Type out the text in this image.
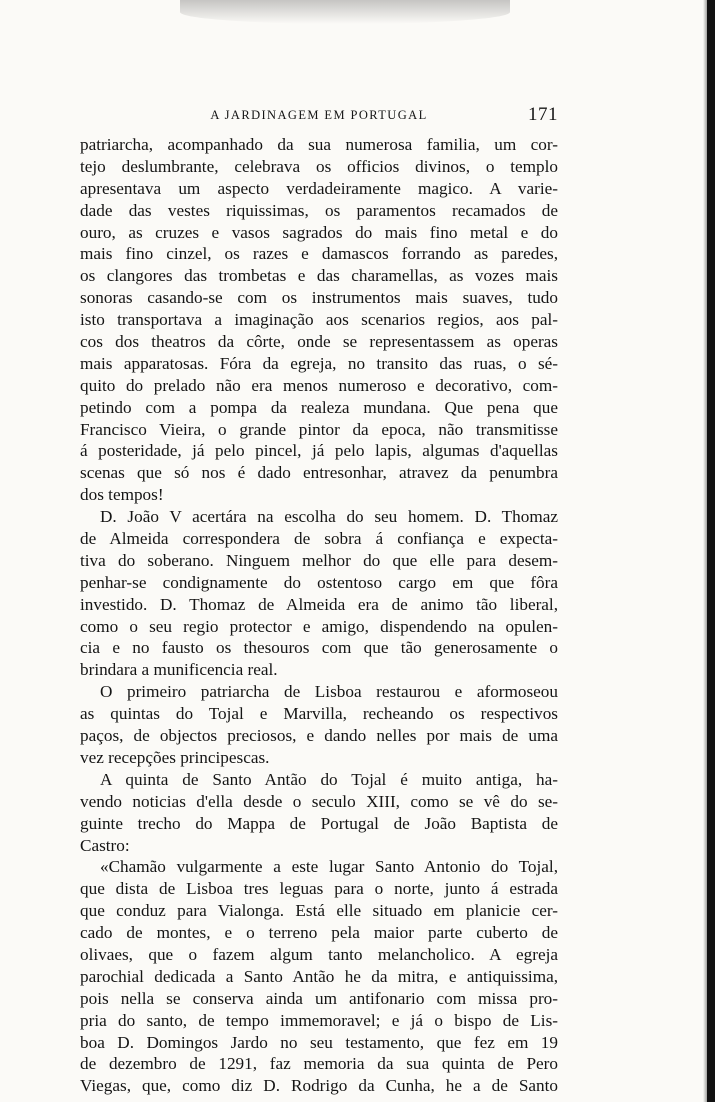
A JARDINAGEM EM PORTUGAL	171
patriarcha, acompanhado da sua numerosa familia, um cor-
tejo deslumbrante, celebrava os officios divinos, o templo
apresentava um aspecto verdadeiramente magico. A varie-
dade das vestes riquissimas, os paramentos recamados de
ouro, as cruzes e vasos sagrados do mais fino metal e do
mais fino cinzel, os razes e damascos forrando as paredes,
os clangores das trombetas e das charamellas, as vozes mais
sonoras casando-se com os instrumentos mais suaves, tudo
isto transportava a imaginação aos scenarios regios, aos pal-
cos dos theatros da côrte, onde se representassem as operas
mais apparatosas. Fóra da egreja, no transito das ruas, o sé-
quito do prelado não era menos numeroso e decorativo, com-
petindo com a pompa da realeza mundana. Que pena que
Francisco Vieira, o grande pintor da epoca, não transmitisse
á posteridade, já pelo pincel, já pelo lapis, algumas d'aquellas
scenas que só nos é dado entresonhar, atravez da penumbra
dos tempos!
D. João V acertára na escolha do seu homem. D. Thomaz
de Almeida correspondera de sobra á confiança e expecta-
tiva do soberano. Ninguem melhor do que elle para desem-
penhar-se condignamente do ostentoso cargo em que fôra
investido. D. Thomaz de Almeida era de animo tão liberal,
como o seu regio protector e amigo, dispendendo na opulen-
cia e no fausto os thesouros com que tão generosamente o
brindara a munificencia real.
O primeiro patriarcha de Lisboa restaurou e aformoseou
as quintas do Tojal e Marvilla, recheando os respectivos
paços, de objectos preciosos, e dando nelles por mais de uma
vez recepções principescas.
A quinta de Santo Antão do Tojal é muito antiga, ha-
vendo noticias d'ella desde o seculo XIII, como se vê do se-
guinte trecho do Mappa de Portugal de João Baptista de
Castro:
«Chamão vulgarmente a este lugar Santo Antonio do Tojal,
que dista de Lisboa tres leguas para o norte, junto á estrada
que conduz para Vialonga. Está elle situado em planicie cer-
cado de montes, e o terreno pela maior parte cuberto de
olivaes, que o fazem algum tanto melancholico. A egreja
parochial dedicada a Santo Antão he da mitra, e antiquissima,
pois nella se conserva ainda um antifonario com missa pro-
pria do santo, de tempo immemoravel; e já o bispo de Lis-
boa D. Domingos Jardo no seu testamento, que fez em 19
de dezembro de 1291, faz memoria da sua quinta de Pero
Viegas, que, como diz D. Rodrigo da Cunha, he a de Santo
